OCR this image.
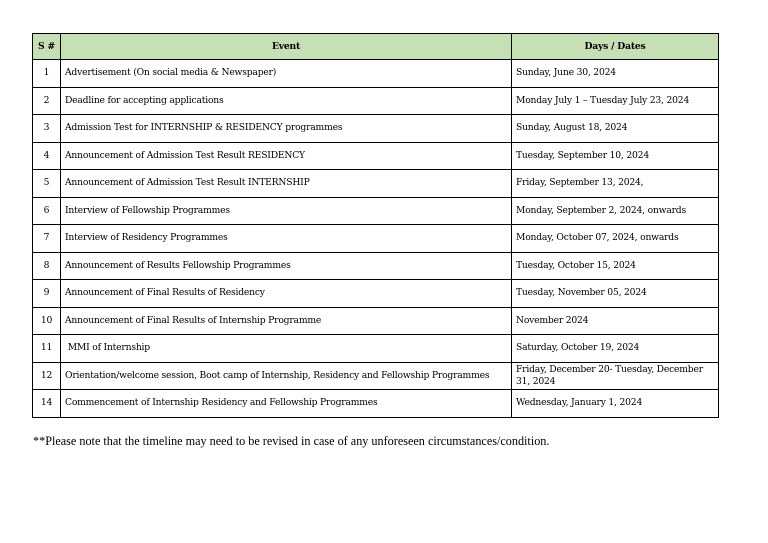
S #	Event	Days / Dates
1	Advertisement (On social media & Newspaper)	Sunday, June 30, 2024
2	Deadline for accepting applications	Monday July 1 – Tuesday July 23, 2024
3	Admission Test for INTERNSHIP & RESIDENCY programmes	Sunday, August 18, 2024
4	Announcement of Admission Test Result RESIDENCY	Tuesday, September 10, 2024
5	Announcement of Admission Test Result INTERNSHIP	Friday, September 13, 2024,
6	Interview of Fellowship Programmes	Monday, September 2, 2024, onwards
7	Interview of Residency Programmes	Monday, October 07, 2024, onwards
8	Announcement of Results Fellowship Programmes	Tuesday, October 15, 2024
9	Announcement of Final Results of Residency	Tuesday, November 05, 2024
10	Announcement of Final Results of Internship Programme	November 2024
11	MMI of Internship	Saturday, October 19, 2024
12	Orientation/welcome session, Boot camp of Internship, Residency and Fellowship Programmes	Friday, December 20- Tuesday, December 31, 2024
14	Commencement of Internship Residency and Fellowship Programmes	Wednesday, January 1, 2024
**Please note that the timeline may need to be revised in case of any unforeseen circumstances/condition.
